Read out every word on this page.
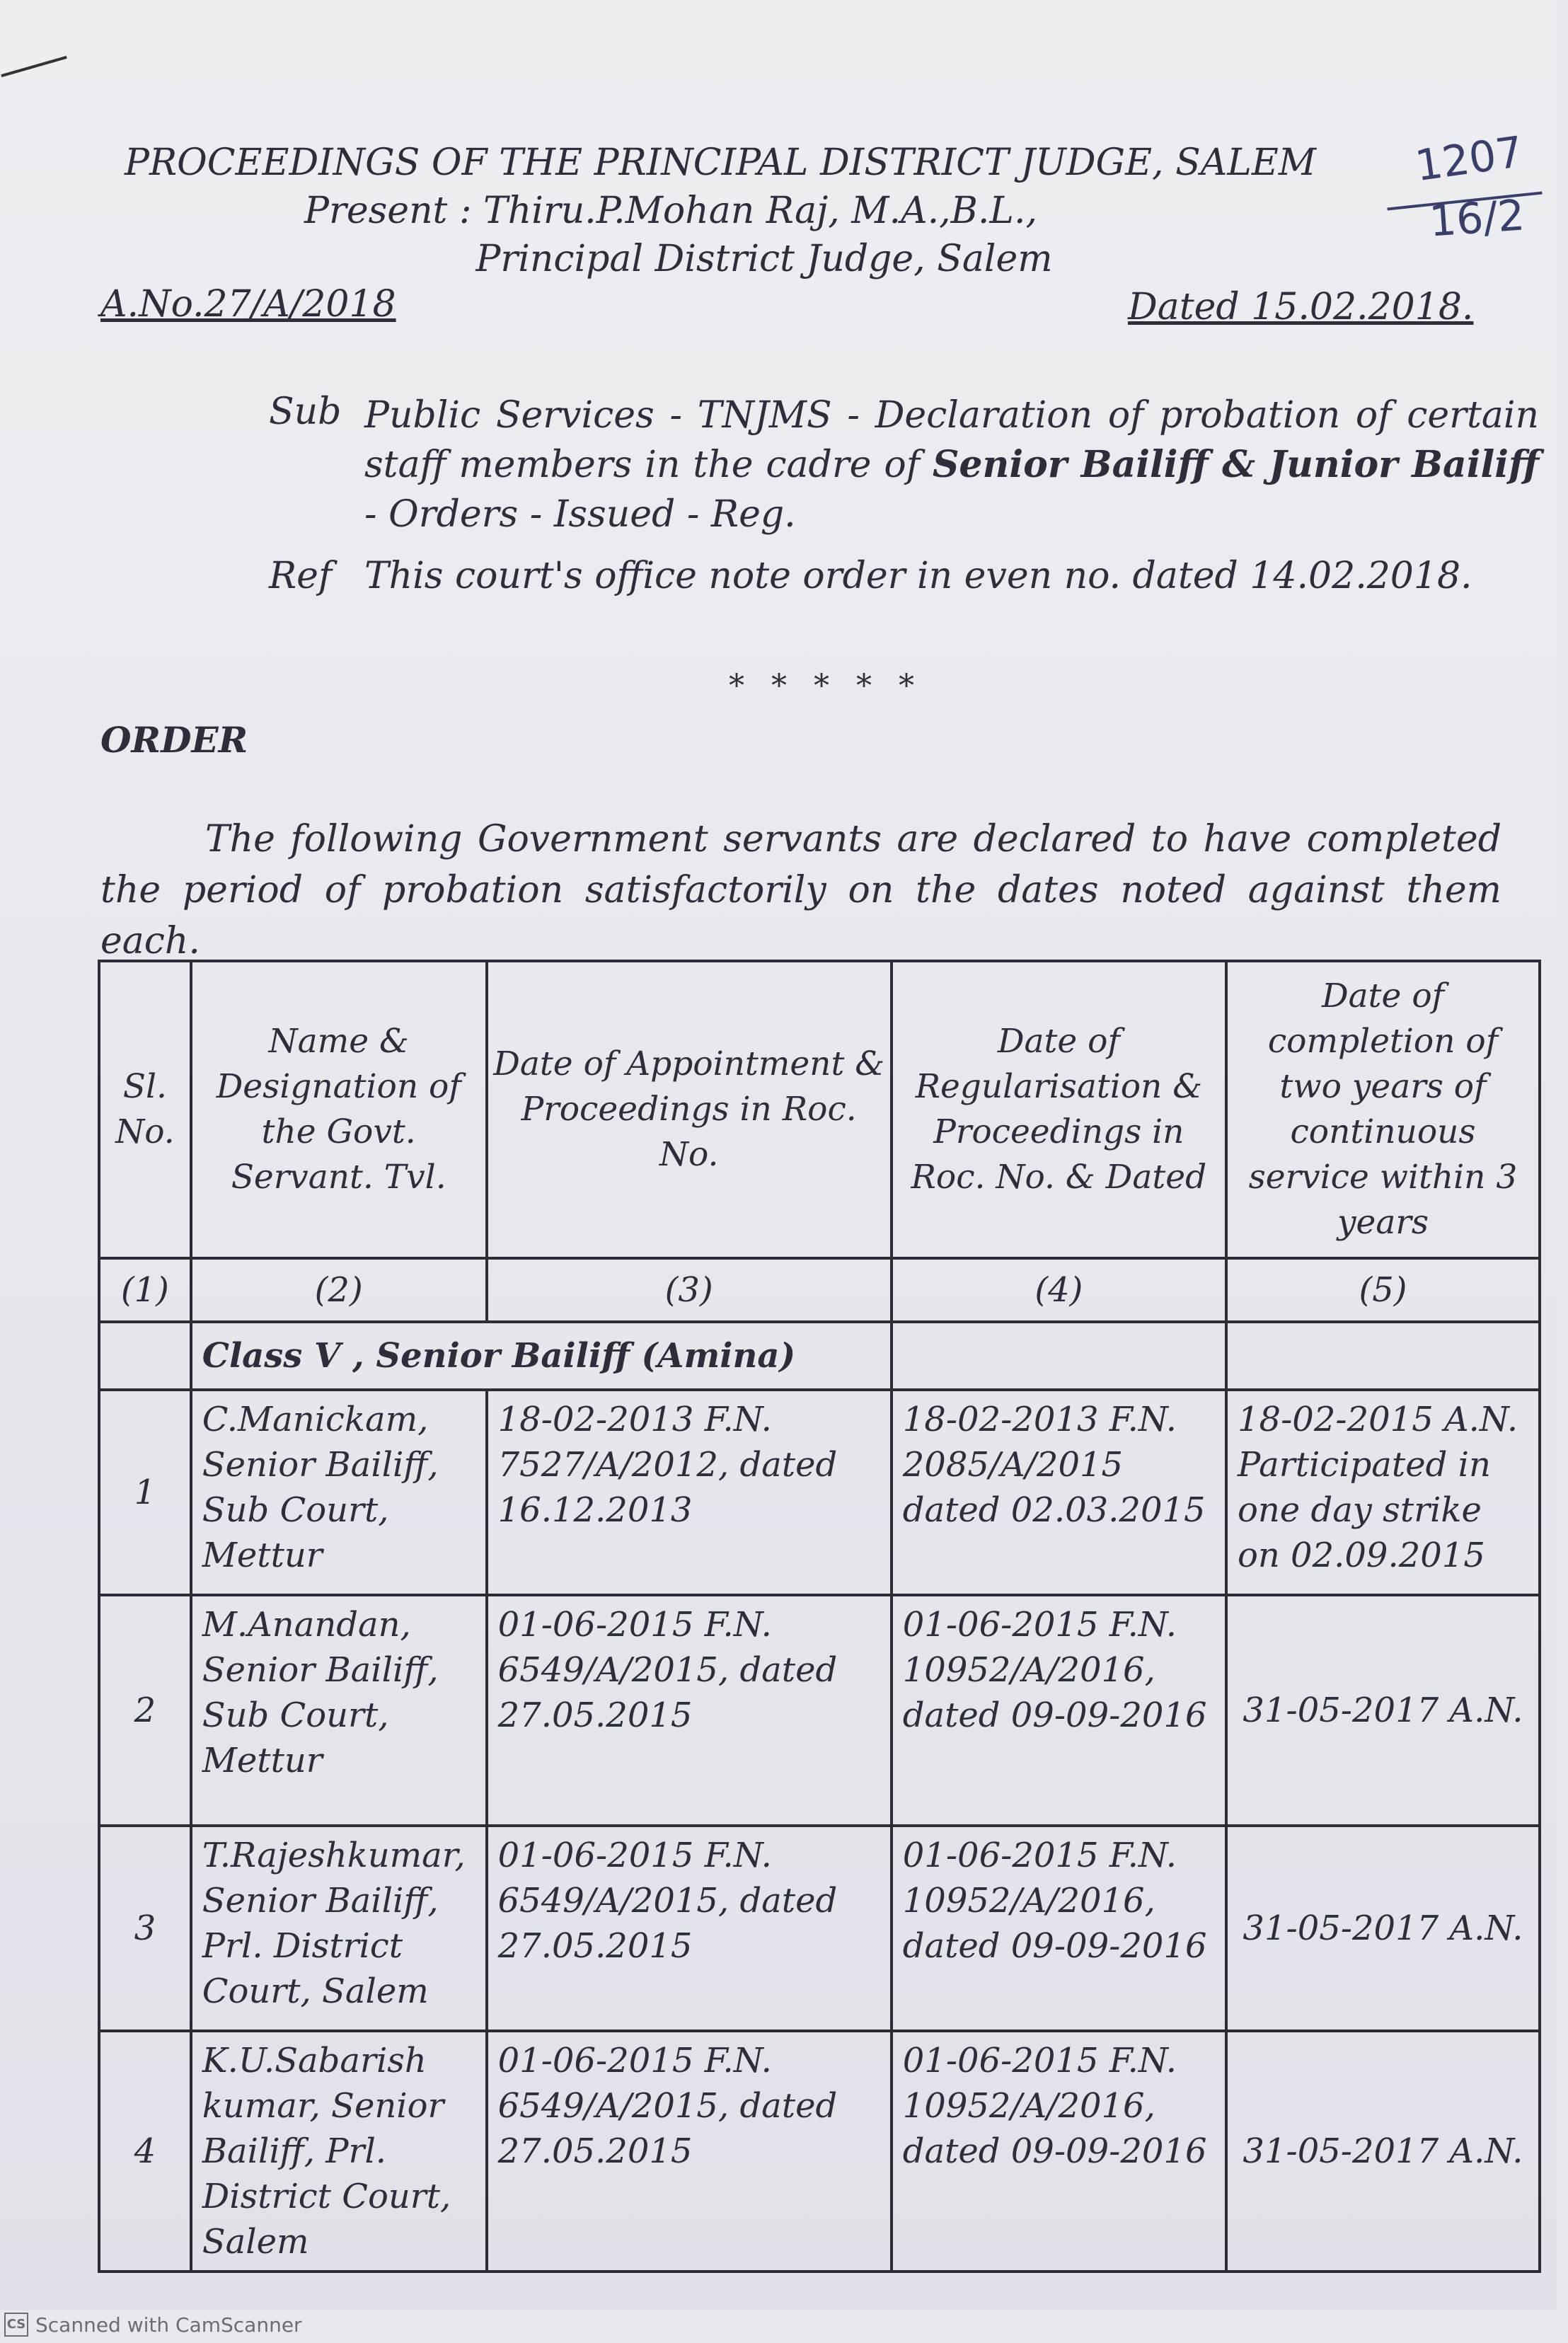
PROCEEDINGS OF THE PRINCIPAL DISTRICT JUDGE, SALEM
Present : Thiru.P.Mohan Raj, M.A.,B.L.,
Principal District Judge, Salem
1207
16/2
A.No.27/A/2018	Dated 15.02.2018.
Sub Public Services - TNJMS - Declaration of probation of certain staff members in the cadre of Senior Bailiff & Junior Bailiff - Orders - Issued - Reg.
Ref This court's office note order in even no. dated 14.02.2018.
* * * * *
ORDER
The following Government servants are declared to have completed the period of probation satisfactorily on the dates noted against them each.
Sl. No.	Name & Designation of the Govt. Servant. Tvl.	Date of Appointment & Proceedings in Roc. No.	Date of Regularisation & Proceedings in Roc. No. & Dated	Date of completion of two years of continuous service within 3 years
(1)	(2)	(3)	(4)	(5)
	Class V , Senior Bailiff (Amina)			
1	C.Manickam, Senior Bailiff, Sub Court, Mettur	18-02-2013 F.N. 7527/A/2012, dated 16.12.2013	18-02-2013 F.N. 2085/A/2015 dated 02.03.2015	18-02-2015 A.N. Participated in one day strike on 02.09.2015
2	M.Anandan, Senior Bailiff, Sub Court, Mettur	01-06-2015 F.N. 6549/A/2015, dated 27.05.2015	01-06-2015 F.N. 10952/A/2016, dated 09-09-2016	31-05-2017 A.N.
3	T.Rajeshkumar, Senior Bailiff, Prl. District Court, Salem	01-06-2015 F.N. 6549/A/2015, dated 27.05.2015	01-06-2015 F.N. 10952/A/2016, dated 09-09-2016	31-05-2017 A.N.
4	K.U.Sabarish kumar, Senior Bailiff, Prl. District Court, Salem	01-06-2015 F.N. 6549/A/2015, dated 27.05.2015	01-06-2015 F.N. 10952/A/2016, dated 09-09-2016	31-05-2017 A.N.
CS Scanned with CamScanner
